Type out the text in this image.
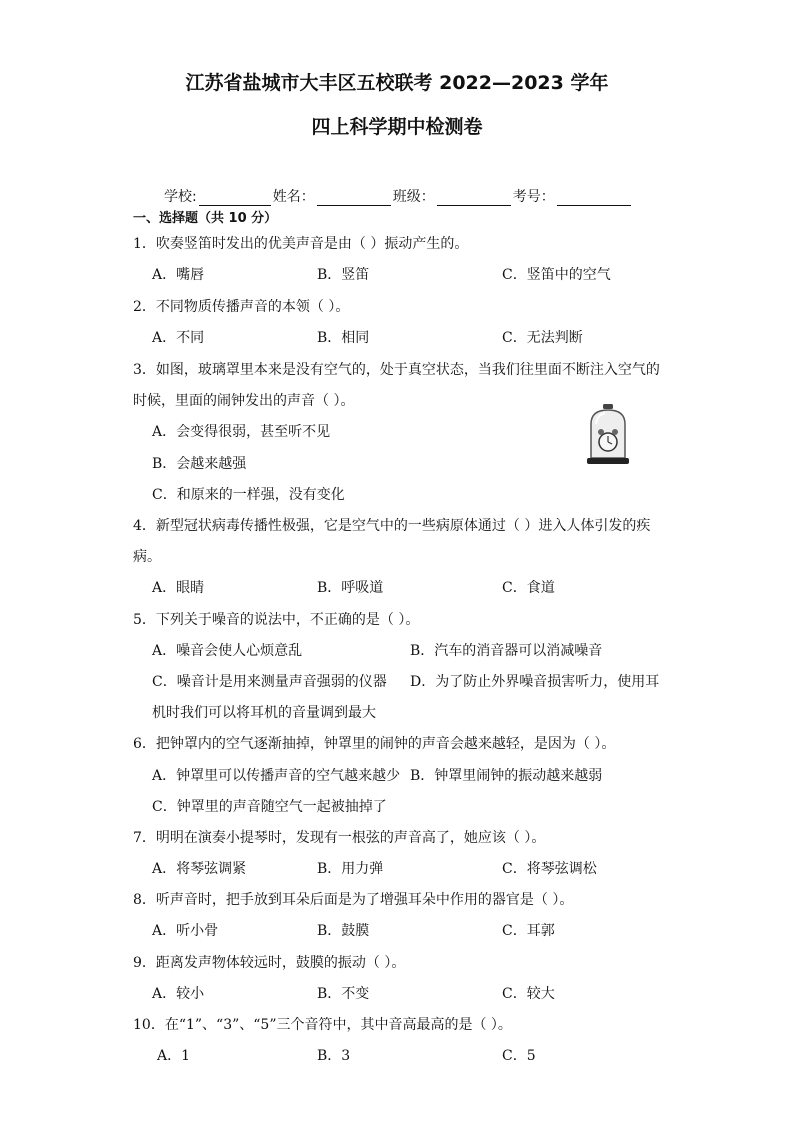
江苏省盐城市大丰区五校联考 2022—2023 学年
四上科学期中检测卷
学校:	姓名：	班级：	考号：
一、选择题（共 10 分）
1．吹奏竖笛时发出的优美声音是由（ ）振动产生的。
A．嘴唇	B．竖笛	C．竖笛中的空气
2．不同物质传播声音的本领（ ）。
A．不同	B．相同	C．无法判断
3．如图，玻璃罩里本来是没有空气的，处于真空状态，当我们往里面不断注入空气的
时候，里面的闹钟发出的声音（ ）。
A．会变得很弱，甚至听不见
B．会越来越强
C．和原来的一样强，没有变化
4．新型冠状病毒传播性极强，它是空气中的一些病原体通过（ ）进入人体引发的疾
病。
A．眼睛	B．呼吸道	C．食道
5．下列关于噪音的说法中，不正确的是（ ）。
A．噪音会使人心烦意乱	B．汽车的消音器可以消减噪音
C．噪音计是用来测量声音强弱的仪器 D．为了防止外界噪音损害听力，使用耳
机时我们可以将耳机的音量调到最大
6．把钟罩内的空气逐渐抽掉，钟罩里的闹钟的声音会越来越轻，是因为（ ）。
A．钟罩里可以传播声音的空气越来越少 B．钟罩里闹钟的振动越来越弱
C．钟罩里的声音随空气一起被抽掉了
7．明明在演奏小提琴时，发现有一根弦的声音高了，她应该（ ）。
A．将琴弦调紧	B．用力弹	C．将琴弦调松
8．听声音时，把手放到耳朵后面是为了增强耳朵中作用的器官是（ ）。
A．听小骨	B．鼓膜	C．耳郭
9．距离发声物体较远时，鼓膜的振动（ ）。
A．较小	B．不变	C．较大
10．在“1”、“3”、“5”三个音符中，其中音高最高的是（ ）。
A．1	B．3	C．5
